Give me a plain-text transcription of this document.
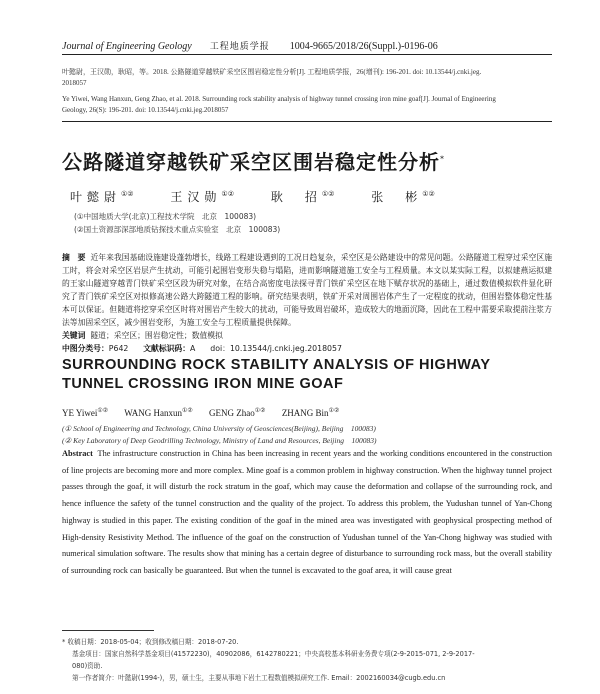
Journal of Engineering Geology 工程地质学报 1004-9665/2018/26(Suppl.)-0196-06

叶懿尉，王汉勋，耿昭，等。2018. 公路隧道穿越铁矿采空区围岩稳定性分析[J]. 工程地质学报，26(增刊): 196-201. doi: 10.13544/j.cnki.jeg.

2018057

Ye Yiwei, Wang Hanxun, Geng Zhao, et al. 2018. Surrounding rock stability analysis of highway tunnel crossing iron mine goaf[J]. Journal of Engineering

Geology, 26(S): 196-201. doi: 10.13544/j.cnki.jeg.2018057

公路隧道穿越铁矿采空区围岩稳定性分析*
叶懿尉①②	王汉勋①②	耿　招①②	张　彬①②
(①中国地质大学(北京)工程技术学院　北京　100083)
(②国土资源部深部地质钻探技术重点实验室　北京　100083)

摘　要 近年来我国基础设施建设蓬勃增长，线路工程建设遇到的工况日趋复杂，采空区是公路建设中的常见问题。公路隧道工程穿过采空区施工时，将会对采空区岩层产生扰动，可能引起围岩变形失稳与塌陷，进而影响隧道施工安全与工程质量。本文以某实际工程，以拟建燕运拟建的王家山隧道穿越青门铁矿采空区段为研究对象，在结合高密度电法探寻青门铁矿采空区在地下赋存状况的基础上，通过数值模拟软件显化研究了青门铁矿采空区对拟修高速公路大跨隧道工程的影响。研究结果表明，铁矿开采对周围岩体产生了一定程度的扰动，但围岩整体稳定性基本可以保证。但随道将挖穿采空区时将对围岩产生较大的扰动，可能导致周岩破坏，造成较大的地面沉降，因此在工程中需要采取提前注浆方法等加固采空区，减少围岩变形，为施工安全与工程质量提供保障。

关键词 隧道；采空区；围岩稳定性；数值模拟

中图分类号：P642 文献标识码：A doi：10.13544/j.cnki.jeg.2018057

SURROUNDING ROCK STABILITY ANALYSIS OF HIGHWAY TUNNEL CROSSING IRON MINE GOAF
YE Yiwei①② WANG Hanxun①② GENG Zhao①② ZHANG Bin①②
(① School of Engineering and Technology, China University of Geosciences(Beijing), Beijing　100083)
(② Key Laboratory of Deep Geodrilling Technology, Ministry of Land and Resources, Beijing　100083)
Abstract The infrastructure construction in China has been increasing in recent years and the working conditions encountered in the construction of line projects are becoming more and more complex. Mine goaf is a common problem in highway construction. When the highway tunnel project passes through the goaf, it will disturb the rock stratum in the goaf, which may cause the deformation and collapse of the surrounding rock, and hence influence the safety of the tunnel construction and the quality of the project. To address this problem, the Yudushan tunnel of Yan-Chong highway is studied in this paper. The existing condition of the goaf in the mined area was investigated with geophysical prospecting method of High-density Resistivity Method. The influence of the goaf on the construction of Yudushan tunnel of the Yan-Chong highway was studied with numerical simulation software. The results show that mining has a certain degree of disturbance to surrounding rock mass, but the overall stability of surrounding rock can basically be guaranteed. But when the tunnel is excavated to the goaf area, it will cause great

* 收稿日期：2018-05-04；收到修改稿日期：2018-07-20.

基金项目：国家自然科学基金项目(41572230)，40902086，6142780221；中央高校基本科研业务费专项(2-9-2015-071, 2-9-2017-

080)资助.

第一作者简介：叶懿尉(1994-)，男，硕士生，主要从事地下岩土工程数值模拟研究工作. Email：2002160034@cugb.edu.cn
